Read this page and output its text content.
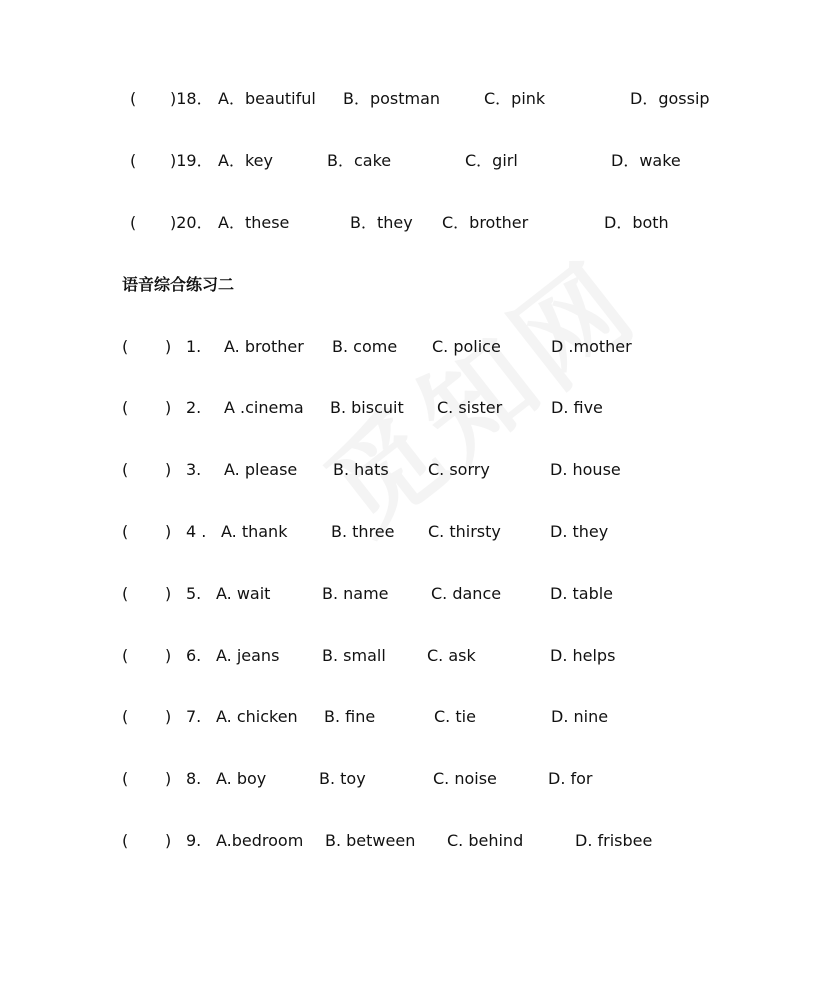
( )18． A．beautiful B．postman	C．pink	D．gossip
( )19． A．key	B．cake	C．girl	D．wake
( )20． A．these	B．they C．brother	D．both
语音综合练习二
( ) 1. A. brother B. come C. police	D .mother
( ) 2. A .cinema B. biscuit C. sister	D. five
( ) 3. A. please B. hats C. sorry	D. house
( ) 4 . A. thank	B. three C. thirsty	D. they
( ) 5. A. wait	B. name	C. dance	D. table
( ) 6. A. jeans	B. small	C. ask	D. helps
( ) 7. A. chicken B. fine	C. tie	D. nine
( ) 8. A. boy	B. toy	C. noise	D. for
( ) 9. A.bedroom B. between C. behind	D. frisbee
